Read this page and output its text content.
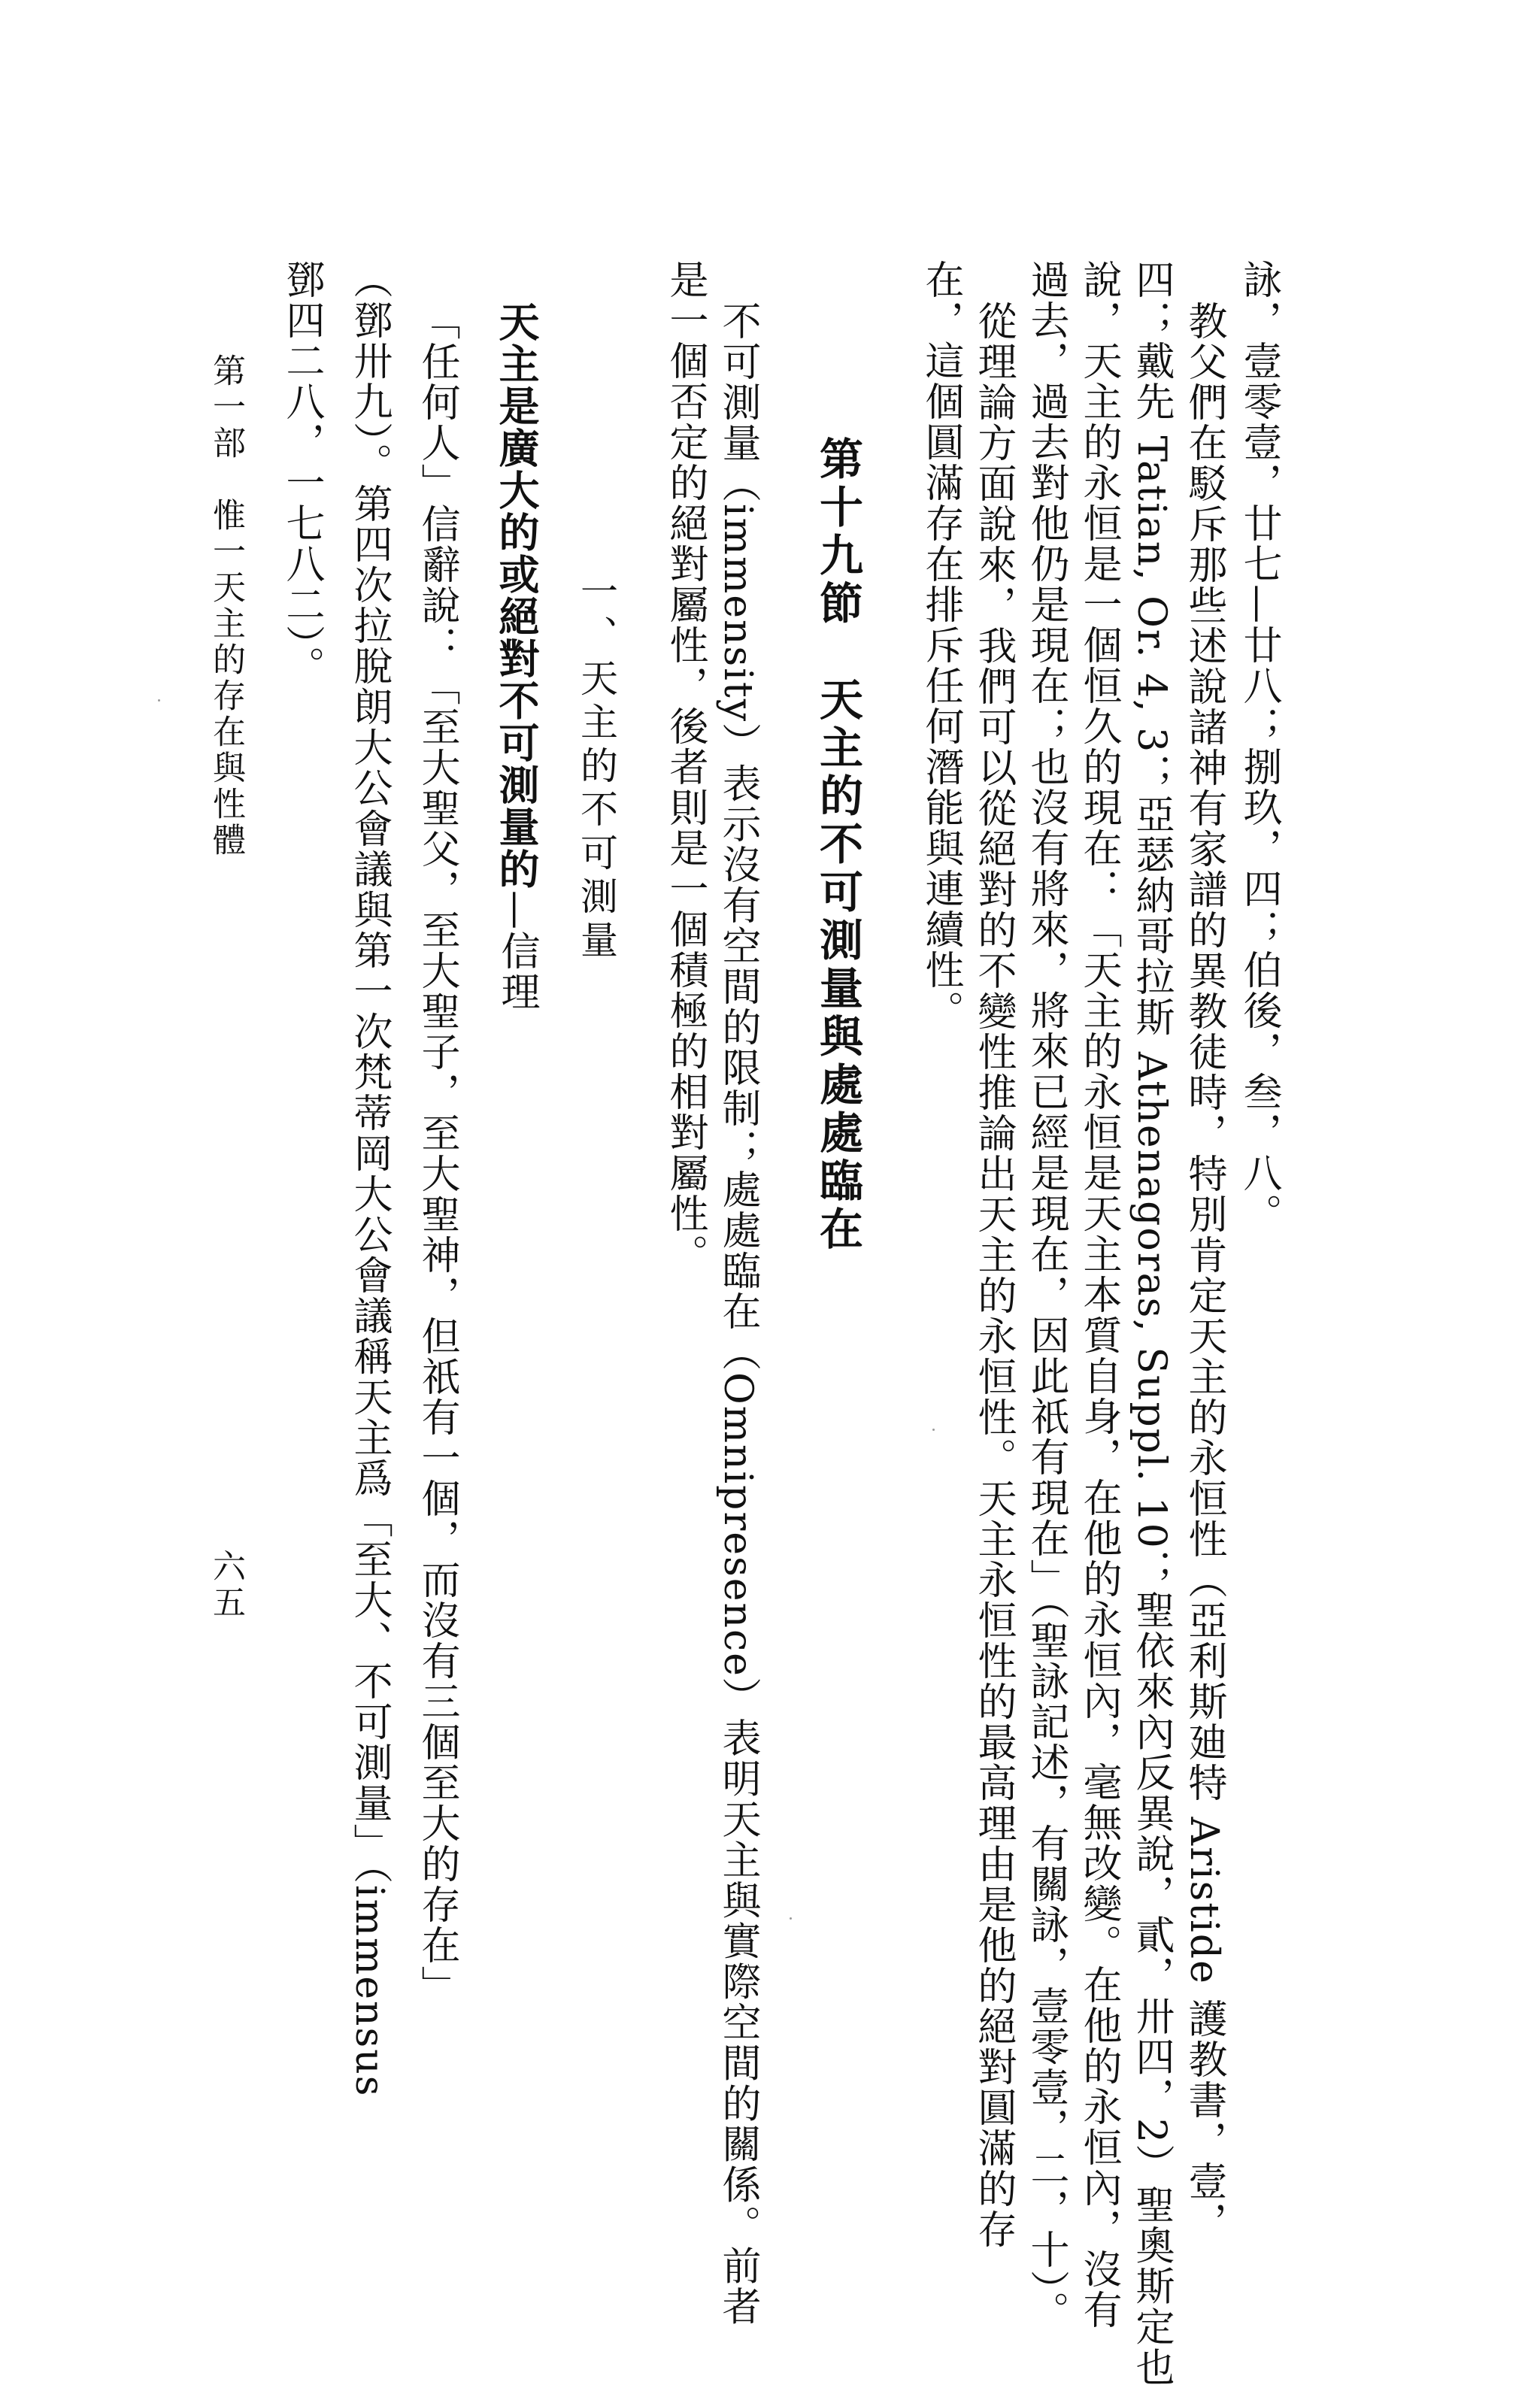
詠，壹零壹，廿七—廿八；捌玖，四；伯後，叁，八。
教父們在駁斥那些述說諸神有家譜的異教徒時，特別肯定天主的永恒性（亞利斯廸特 Aristide 護教書，壹，
四；戴先 Tatian, Or. 4, 3；亞瑟納哥拉斯 Athenagoras, Suppl. 10；聖依來內反異說，貳，卅四，2）聖奧斯定也
說，天主的永恒是一個恒久的現在：「天主的永恒是天主本質自身，在他的永恒內，毫無改變。在他的永恒內，沒有
過去，過去對他仍是現在；也沒有將來，將來已經是現在，因此祇有現在」（聖詠記述，有關詠，壹零壹，二，十）。
從理論方面說來，我們可以從絕對的不變性推論出天主的永恒性。天主永恒性的最高理由是他的絕對圓滿的存
在，這個圓滿存在排斥任何潛能與連續性。
第十九節　天主的不可測量與處處臨在
不可測量（immensity）表示沒有空間的限制；處處臨在（Omnipresence）表明天主與實際空間的關係。前者
是一個否定的絕對屬性，後者則是一個積極的相對屬性。
一、天主的不可測量
天主是廣大的或絕對不可測量的—信理
「任何人」信辭說：「至大聖父，至大聖子，至大聖神，但祇有一個，而沒有三個至大的存在」
（鄧卅九）。第四次拉脫朗大公會議與第一次梵蒂岡大公會議稱天主爲「至大、不可測量」（immensus
鄧四二八，一七八二）。
第一部　惟一天主的存在與性體
六五
